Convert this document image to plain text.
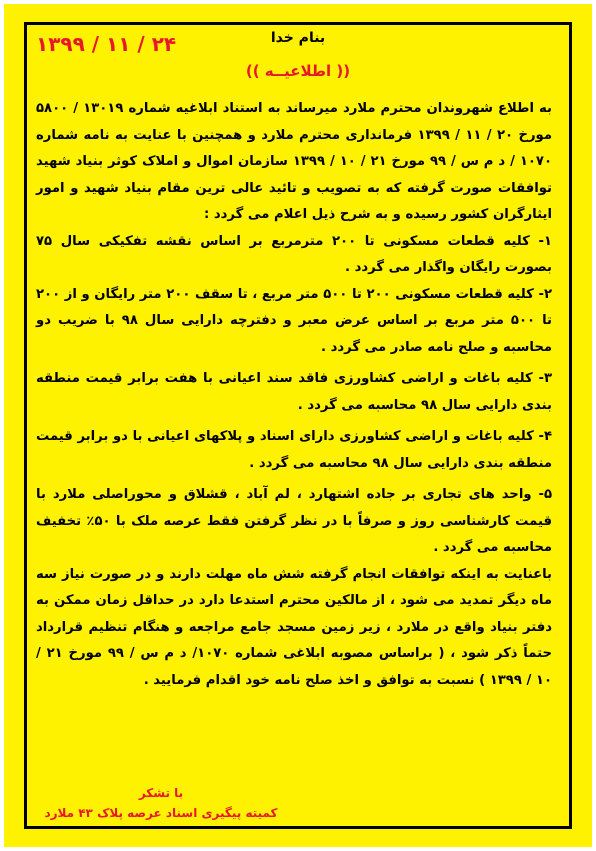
۱۳۹۹ / ۱۱ / ۲۴	بنام خدا
(( اطلاعیــه ))

به اطلاع شهروندان محترم ملارد میرساند به استناد ابلاغیه شماره ۱۳۰۱۹ / ۵۸۰۰ مورخ ۲۰ / ۱۱ / ۱۳۹۹ فرمانداری محترم ملارد و همچنین با عنایت به نامه شماره ۱۰۷۰ / د م س / ۹۹ مورخ ۲۱ / ۱۰ / ۱۳۹۹ سازمان اموال و املاک کوثر بنیاد شهید توافقات صورت گرفته که به تصویب و تائید عالی ترین مقام بنیاد شهید و امور ایثارگران کشور رسیده و به شرح ذیل اعلام می گردد :

۱- کلیه قطعات مسکونی تا ۲۰۰ مترمربع بر اساس نقشه تفکیکی سال ۷۵ بصورت رایگان واگذار می گردد .

۲- کلیه قطعات مسکونی ۲۰۰ تا ۵۰۰ متر مربع ، تا سقف ۲۰۰ متر رایگان و از ۲۰۰ تا ۵۰۰ متر مربع بر اساس عرض معبر و دفترچه دارایی سال ۹۸ با ضریب دو محاسبه و صلح نامه صادر می گردد .

۳- کلیه باغات و اراضی کشاورزی فاقد سند اعیانی با هفت برابر قیمت منطقه بندی دارایی سال ۹۸ محاسبه می گردد .

۴- کلیه باغات و اراضی کشاورزی دارای اسناد و پلاکهای اعیانی با دو برابر قیمت منطقه بندی دارایی سال ۹۸ محاسبه می گردد .

۵- واحد های تجاری بر جاده اشتهارد ، لم آباد ، قشلاق و محوراصلی ملارد با قیمت کارشناسی روز و صرفاً با در نظر گرفتن فقط عرصه ملک با ۵۰٪ تخفیف محاسبه می گردد .

باعنایت به اینکه توافقات انجام گرفته شش ماه مهلت دارند و در صورت نیاز سه ماه دیگر تمدید می شود ، از مالکین محترم استدعا دارد در حداقل زمان ممکن به دفتر بنیاد واقع در ملارد ، زیر زمین مسجد جامع مراجعه و هنگام تنظیم قرارداد حتماً ذکر شود ، ( براساس مصوبه ابلاغی شماره ۱۰۷۰/ د م س / ۹۹ مورخ ۲۱ / ۱۰ / ۱۳۹۹ ) نسبت به توافق و اخذ صلح نامه خود اقدام فرمایید .

با تشکر
کمیته پیگیری اسناد عرصه پلاک ۴۳ ملارد
